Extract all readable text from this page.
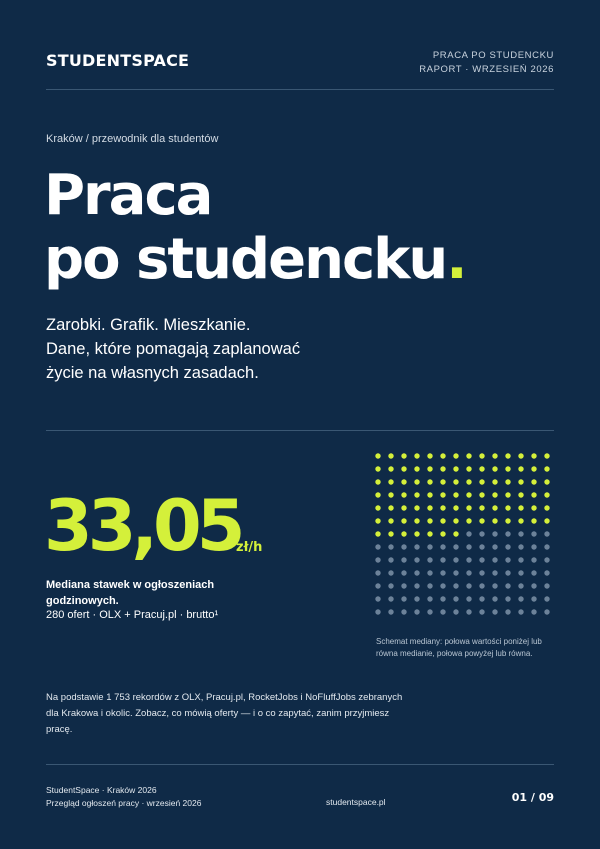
STUDENTSPACE	PRACA PO STUDENCKU
RAPORT · WRZESIEŃ 2026
Kraków / przewodnik dla studentów
Praca
po studencku.
Zarobki. Grafik. Mieszkanie.
Dane, które pomagają zaplanować
życie na własnych zasadach.
33,05
zł/h
Mediana stawek w ogłoszeniach godzinowych.
280 ofert · OLX + Pracuj.pl · brutto¹
Schemat mediany: połowa wartości poniżej lub równa medianie, połowa powyżej lub równa.
Na podstawie 1 753 rekordów z OLX, Pracuj.pl, RocketJobs i NoFluffJobs zebranych dla Krakowa i okolic. Zobacz, co mówią oferty — i o co zapytać, zanim przyjmiesz pracę.
StudentSpace · Kraków 2026
Przegląd ogłoszeń pracy · wrzesień 2026	studentspace.pl	01 / 09
